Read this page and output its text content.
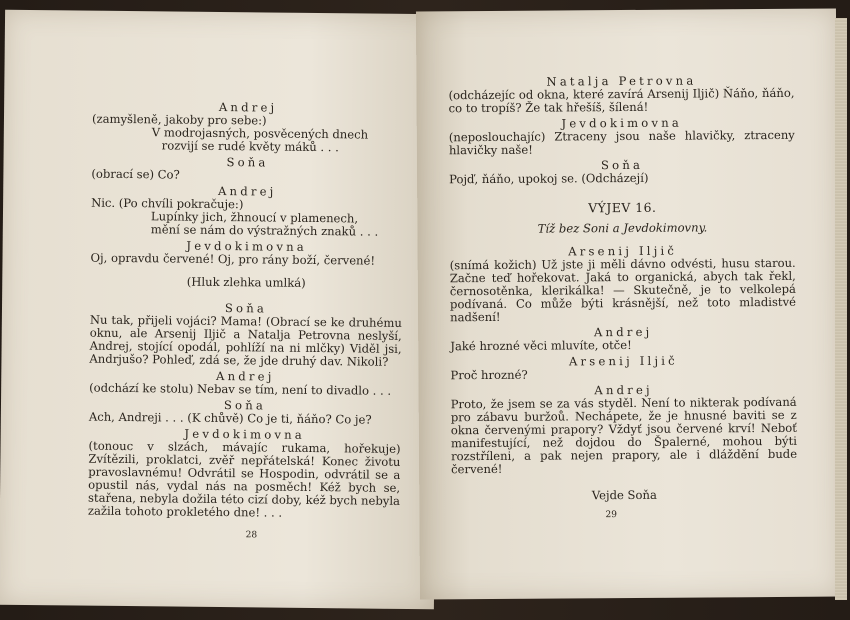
Andrej
(zamyšleně, jakoby pro sebe:)
V modrojasných, posvěcených dnech
rozvijí se rudé květy máků . . .
Soňa
(obrací se) Co?
Andrej
Nic. (Po chvíli pokračuje:)
Lupínky jich, žhnoucí v plamenech,
mění se nám do výstražných znaků . . .
Jevdokimovna
Oj, opravdu červené! Oj, pro rány boží, červené!
(Hluk zlehka umlká)
Soňa
Nu tak, přijeli vojáci? Mama! (Obrací se ke druhému oknu, ale Arsenij Iljič a Natalja Petrovna neslyší, Andrej, stojící opodál, pohlíží na ni mlčky) Viděl jsi, Andrjušo? Pohleď, zdá se, že jde druhý dav. Nikoli?
Andrej
(odchází ke stolu) Nebav se tím, není to divadlo . . .
Soňa
Ach, Andreji . . . (K chůvě) Co je ti, ňáňo? Co je?
Jevdokimovna
(tonouc v slzách, mávajíc rukama, hořekuje) Zvítězili, proklatci, zvěř nepřátelská! Konec životu pravoslavnému! Odvrátil se Hospodin, odvrátil se a opustil nás, vydal nás na posměch! Kéž bych se, stařena, nebyla dožila této cizí doby, kéž bych nebyla zažila tohoto prokletého dne! . . .
28
Natalja Petrovna
(odcházejíc od okna, které zavírá Arsenij Iljič) Ňáňo, ňáňo, co to tropíš? Že tak hřešíš, šílená!
Jevdokimovna
(neposlouchajíc) Ztraceny jsou naše hlavičky, ztraceny hlavičky naše!
Soňa
Pojď, ňáňo, upokoj se. (Odcházejí)
VÝJEV 16.
Tíž bez Soni a Jevdokimovny.
Arsenij Iljič
(snímá kožich) Už jste ji měli dávno odvésti, husu starou. Začne teď hořekovat. Jaká to organická, abych tak řekl, černosotěnka, klerikálka! — Skutečně, je to velkolepá podívaná. Co může býti krásnější, než toto mladistvé nadšení!
Andrej
Jaké hrozné věci mluvíte, otče!
Arsenij Iljič
Proč hrozné?
Andrej
Proto, že jsem se za vás styděl. Není to nikterak podívaná pro zábavu buržoů. Nechápete, že je hnusné baviti se z okna červenými prapory? Vždyť jsou červené krví! Neboť manifestující, než dojdou do Špalerné, mohou býti rozstříleni, a pak nejen prapory, ale i dláždění bude červené!
Vejde Soňa
29
